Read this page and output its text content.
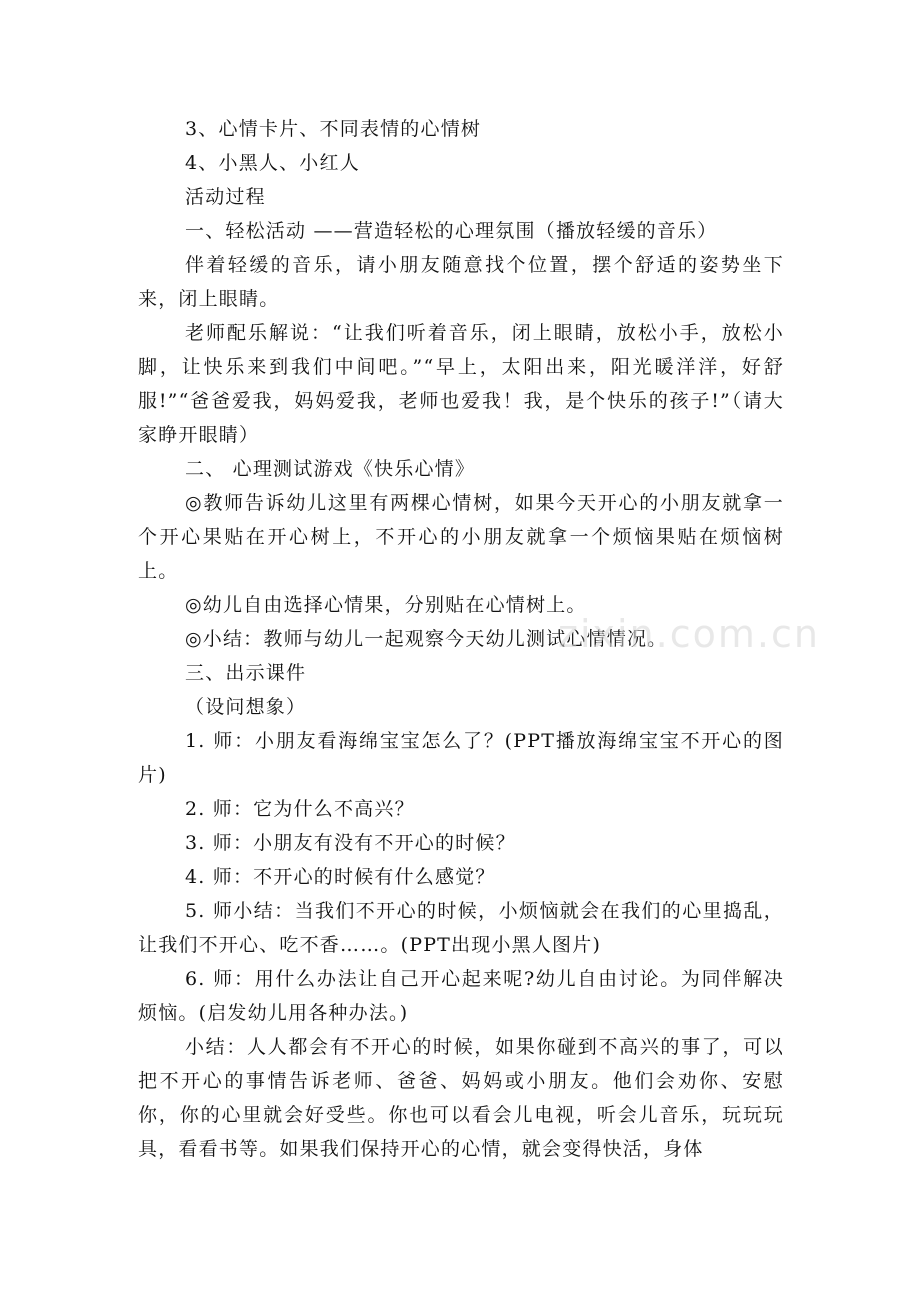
3、心情卡片、不同表情的心情树

4、小黑人、小红人

活动过程

一、轻松活动 ——营造轻松的心理氛围（播放轻缓的音乐）

伴着轻缓的音乐，请小朋友随意找个位置，摆个舒适的姿势坐下来，闭上眼睛。

老师配乐解说：“让我们听着音乐，闭上眼睛，放松小手，放松小脚，让快乐来到我们中间吧。”“早上，太阳出来，阳光暖洋洋，好舒服!”“爸爸爱我，妈妈爱我，老师也爱我！我，是个快乐的孩子!”（请大家睁开眼睛）

二、 心理测试游戏《快乐心情》

◎教师告诉幼儿这里有两棵心情树，如果今天开心的小朋友就拿一个开心果贴在开心树上，不开心的小朋友就拿一个烦恼果贴在烦恼树上。

◎幼儿自由选择心情果，分别贴在心情树上。

◎小结：教师与幼儿一起观察今天幼儿测试心情情况。

三、出示课件

（设问想象）

1. 师：小朋友看海绵宝宝怎么了？(PPT播放海绵宝宝不开心的图片)

2. 师：它为什么不高兴？

3. 师：小朋友有没有不开心的时候？

4. 师：不开心的时候有什么感觉？

5. 师小结：当我们不开心的时候，小烦恼就会在我们的心里捣乱，让我们不开心、吃不香……。(PPT出现小黑人图片)

6. 师：用什么办法让自己开心起来呢?幼儿自由讨论。为同伴解决烦恼。(启发幼儿用各种办法。)

小结：人人都会有不开心的时候，如果你碰到不高兴的事了，可以把不开心的事情告诉老师、爸爸、妈妈或小朋友。他们会劝你、安慰你，你的心里就会好受些。你也可以看会儿电视，听会儿音乐，玩玩玩具，看看书等。如果我们保持开心的心情，就会变得快活，身体

zixin.com.cn
